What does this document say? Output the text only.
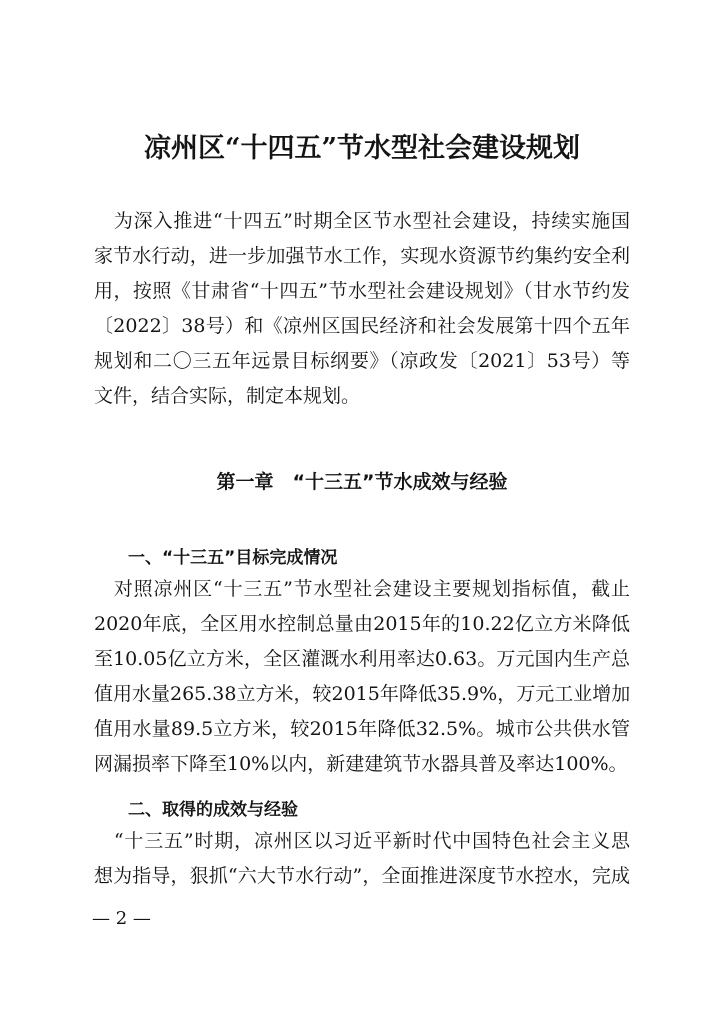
凉州区“十四五”节水型社会建设规划
　为深入推进“十四五”时期全区节水型社会建设，持续实施国
家节水行动，进一步加强节水工作，实现水资源节约集约安全利
用，按照《甘肃省“十四五”节水型社会建设规划》（甘水节约发
〔2022〕38号）和《凉州区国民经济和社会发展第十四个五年
规划和二〇三五年远景目标纲要》（凉政发〔2021〕53号）等
文件，结合实际，制定本规划。
第一章　“十三五”节水成效与经验
一、“十三五”目标完成情况
　对照凉州区“十三五”节水型社会建设主要规划指标值，截止
2020年底，全区用水控制总量由2015年的10.22亿立方米降低
至10.05亿立方米，全区灌溉水利用率达0.63。万元国内生产总
值用水量265.38立方米，较2015年降低35.9%，万元工业增加
值用水量89.5立方米，较2015年降低32.5%。城市公共供水管
网漏损率下降至10%以内，新建建筑节水器具普及率达100%。
二、取得的成效与经验
　“十三五”时期，凉州区以习近平新时代中国特色社会主义思
想为指导，狠抓“六大节水行动”，全面推进深度节水控水，完成
— 2 —
